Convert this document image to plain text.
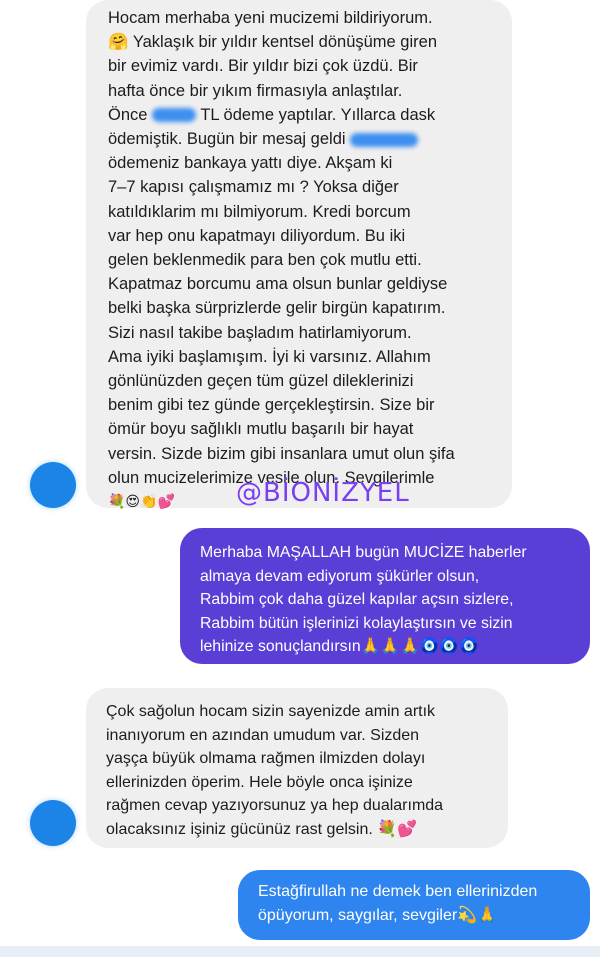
Hocam merhaba yeni mucizemi bildiriyorum.
🤗 Yaklaşık bir yıldır kentsel dönüşüme giren
bir evimiz vardı. Bir yıldır bizi çok üzdü. Bir
hafta önce bir yıkım firmasıyla anlaştılar.
Önce	TL ödeme yaptılar. Yıllarca dask
ödemiştik. Bugün bir mesaj geldi
ödemeniz bankaya yattı diye. Akşam ki
7–7 kapısı çalışmamız mı ? Yoksa diğer
katıldıklarim mı bilmiyorum. Kredi borcum
var hep onu kapatmayı diliyordum. Bu iki
gelen beklenmedik para ben çok mutlu etti.
Kapatmaz borcumu ama olsun bunlar geldiyse
belki başka sürprizlerde gelir birgün kapatırım.
Sizi nasıl takibe başladım hatirlamiyorum.
Ama iyiki başlamışım. İyi ki varsınız. Allahım
gönlünüzden geçen tüm güzel dileklerinizi
benim gibi tez günde gerçekleştirsin. Size bir
ömür boyu sağlıklı mutlu başarılı bir hayat
versin. Sizde bizim gibi insanlara umut olun şifa
olun mucizelerimize vesile olun. Sevgilerimle
💐😍👏💕	@BİONİZYEL
Merhaba MAŞALLAH bugün MUCİZE haberler
almaya devam ediyorum şükürler olsun,
Rabbim çok daha güzel kapılar açsın sizlere,
Rabbim bütün işlerinizi kolaylaştırsın ve sizin
lehinize sonuçlandırsın🙏🙏🙏🧿🧿🧿
Çok sağolun hocam sizin sayenizde amin artık
inanıyorum en azından umudum var. Sizden
yaşça büyük olmama rağmen ilmizden dolayı
ellerinizden öperim. Hele böyle onca işinize
rağmen cevap yazıyorsunuz ya hep dualarımda
olacaksınız işiniz gücünüz rast gelsin. 💐💕
Estağfirullah ne demek ben ellerinizden
öpüyorum, saygılar, sevgiler💫🙏
